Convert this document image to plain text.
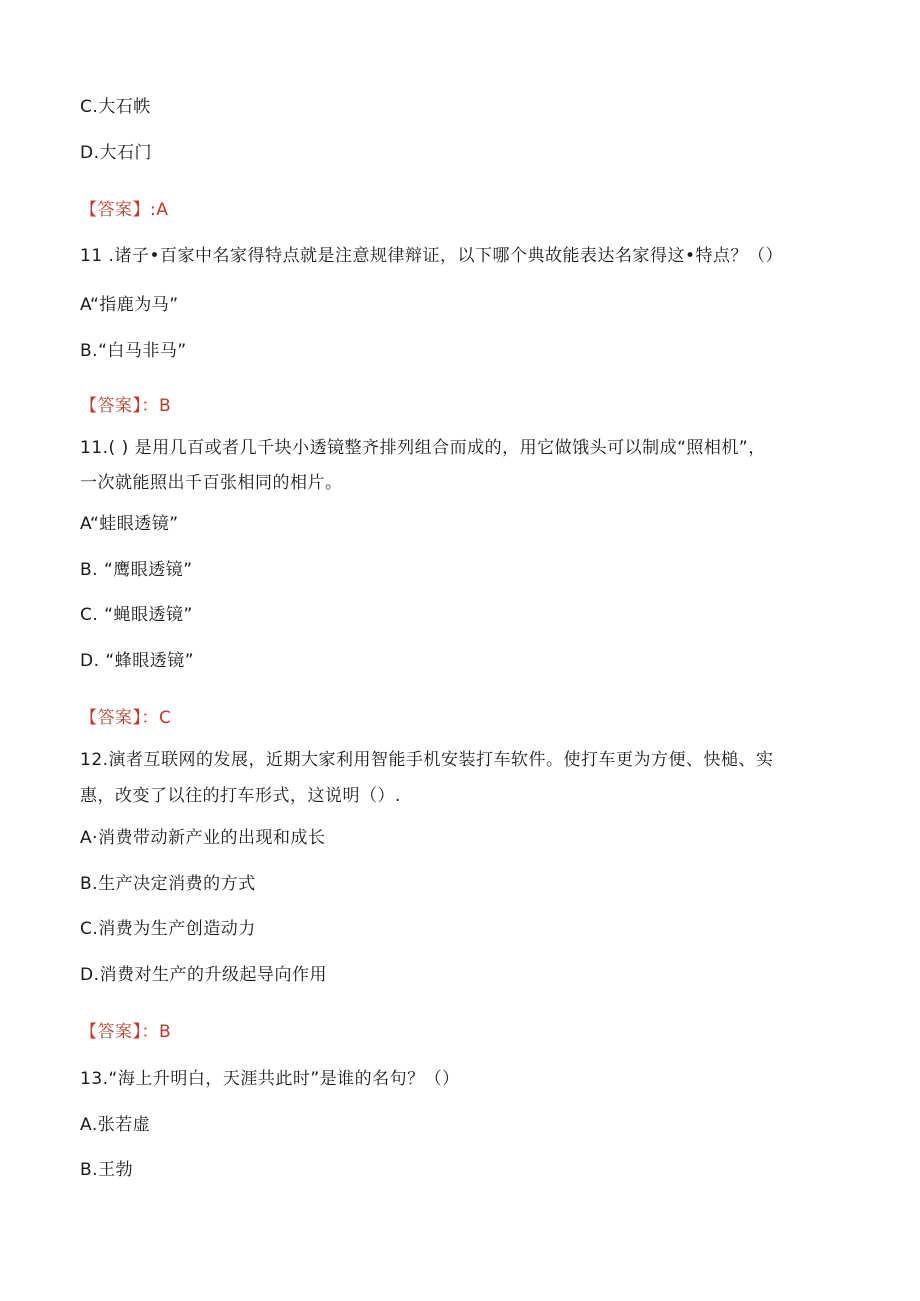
C.大石帙
D.大石门
【答案】:A
11 .诸子•百家中名家得特点就是注意规律辩证，以下哪个典故能表达名家得这•特点？（）
A“指鹿为马”
B.“白马非马”
【答案】：B
11.( ) 是用几百或者几千块小透镜整齐排列组合而成的，用它做饿头可以制成“照相机”，
一次就能照出千百张相同的相片。
A“蛙眼透镜”
B. “鹰眼透镜”
C. “蝇眼透镜”
D. “蜂眼透镜”
【答案】：C
12.演者互联网的发展，近期大家利用智能手机安装打车软件。使打车更为方便、快槌、实
惠，改变了以往的打车形式，这说明（）.
A·消费带动新产业的出现和成长
B.生产决定消费的方式
C.消费为生产创造动力
D.消费对生产的升级起导向作用
【答案】：B
13.“海上升明白，天涯共此时”是谁的名句？（）
A.张若虚
B.王勃
